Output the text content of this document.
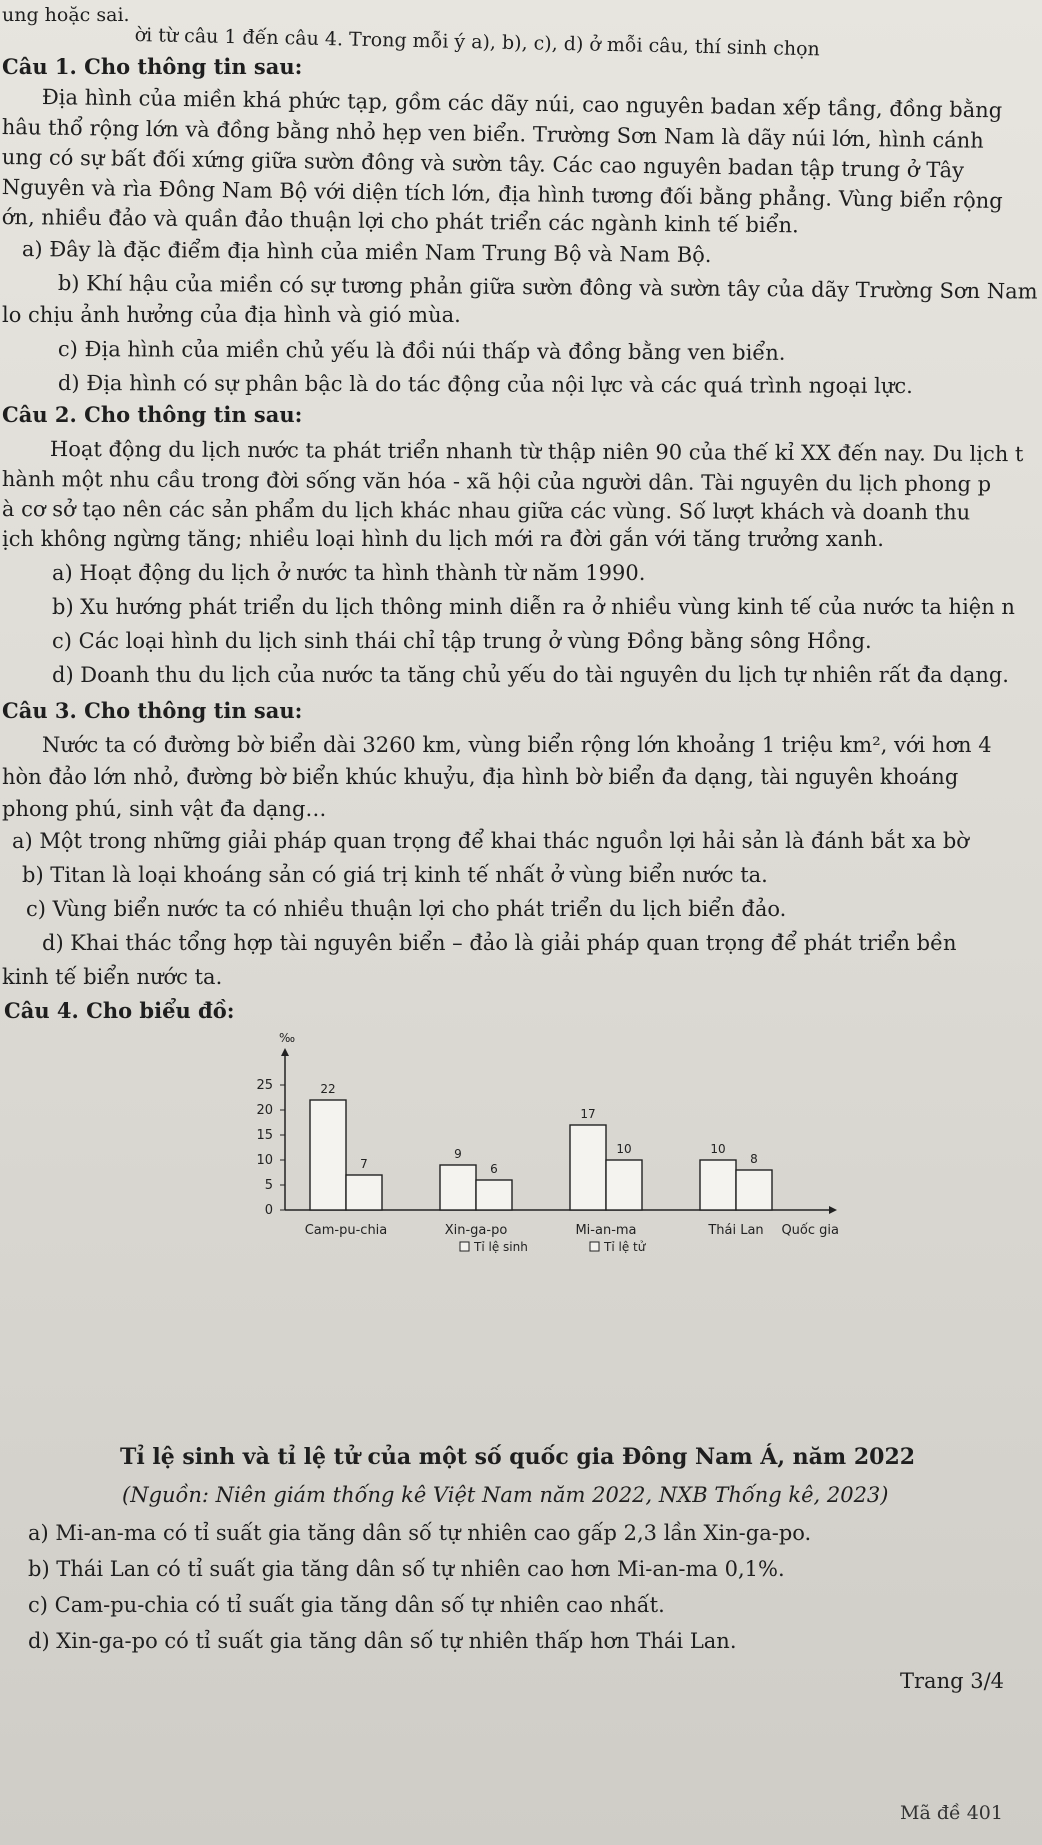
ung hoặc sai.
ời từ câu 1 đến câu 4. Trong mỗi ý a), b), c), d) ở mỗi câu, thí sinh chọn
Câu 1. Cho thông tin sau:
Địa hình của miền khá phức tạp, gồm các dãy núi, cao nguyên badan xếp tầng, đồng bằng
hâu thổ rộng lớn và đồng bằng nhỏ hẹp ven biển. Trường Sơn Nam là dãy núi lớn, hình cánh
ung có sự bất đối xứng giữa sườn đông và sườn tây. Các cao nguyên badan tập trung ở Tây
Nguyên và rìa Đông Nam Bộ với diện tích lớn, địa hình tương đối bằng phẳng. Vùng biển rộng
ớn, nhiều đảo và quần đảo thuận lợi cho phát triển các ngành kinh tế biển.
a) Đây là đặc điểm địa hình của miền Nam Trung Bộ và Nam Bộ.
b) Khí hậu của miền có sự tương phản giữa sườn đông và sườn tây của dãy Trường Sơn Nam
lo chịu ảnh hưởng của địa hình và gió mùa.
c) Địa hình của miền chủ yếu là đồi núi thấp và đồng bằng ven biển.
d) Địa hình có sự phân bậc là do tác động của nội lực và các quá trình ngoại lực.
Câu 2. Cho thông tin sau:
Hoạt động du lịch nước ta phát triển nhanh từ thập niên 90 của thế kỉ XX đến nay. Du lịch t
hành một nhu cầu trong đời sống văn hóa - xã hội của người dân. Tài nguyên du lịch phong p
à cơ sở tạo nên các sản phẩm du lịch khác nhau giữa các vùng. Số lượt khách và doanh thu
ịch không ngừng tăng; nhiều loại hình du lịch mới ra đời gắn với tăng trưởng xanh.
a) Hoạt động du lịch ở nước ta hình thành từ năm 1990.
b) Xu hướng phát triển du lịch thông minh diễn ra ở nhiều vùng kinh tế của nước ta hiện n
c) Các loại hình du lịch sinh thái chỉ tập trung ở vùng Đồng bằng sông Hồng.
d) Doanh thu du lịch của nước ta tăng chủ yếu do tài nguyên du lịch tự nhiên rất đa dạng.
Câu 3. Cho thông tin sau:
Nước ta có đường bờ biển dài 3260 km, vùng biển rộng lớn khoảng 1 triệu km², với hơn 4
hòn đảo lớn nhỏ, đường bờ biển khúc khuỷu, địa hình bờ biển đa dạng, tài nguyên khoáng
phong phú, sinh vật đa dạng…
a) Một trong những giải pháp quan trọng để khai thác nguồn lợi hải sản là đánh bắt xa bờ
b) Titan là loại khoáng sản có giá trị kinh tế nhất ở vùng biển nước ta.
c) Vùng biển nước ta có nhiều thuận lợi cho phát triển du lịch biển đảo.
d) Khai thác tổng hợp tài nguyên biển – đảo là giải pháp quan trọng để phát triển bền
kinh tế biển nước ta.
Câu 4. Cho biểu đồ:
‰
0
5
10
15
20
25
Quốc gia
Tỉ lệ sinh	Tỉ lệ tử
22
7
Cam-pu-chia
9
6
Xin-ga-po
17
10
Mi-an-ma
10
8
Thái Lan
Tỉ lệ sinh và tỉ lệ tử của một số quốc gia Đông Nam Á, năm 2022
(Nguồn: Niên giám thống kê Việt Nam năm 2022, NXB Thống kê, 2023)
a) Mi-an-ma có tỉ suất gia tăng dân số tự nhiên cao gấp 2,3 lần Xin-ga-po.
b) Thái Lan có tỉ suất gia tăng dân số tự nhiên cao hơn Mi-an-ma 0,1%.
c) Cam-pu-chia có tỉ suất gia tăng dân số tự nhiên cao nhất.
d) Xin-ga-po có tỉ suất gia tăng dân số tự nhiên thấp hơn Thái Lan.
Trang 3/4
Mã đề 401
